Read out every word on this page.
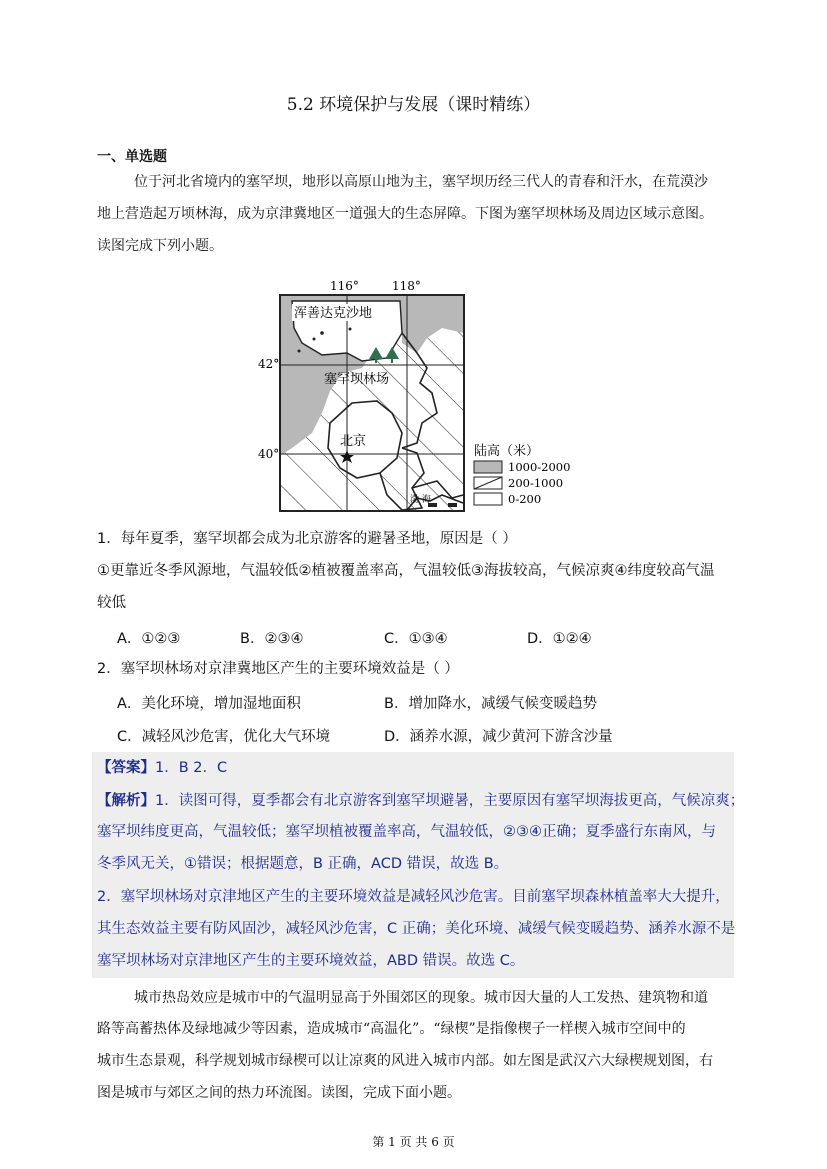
5.2 环境保护与发展（课时精练）
一、单选题
位于河北省境内的塞罕坝，地形以高原山地为主，塞罕坝历经三代人的青春和汗水，在荒漠沙
地上营造起万顷林海，成为京津冀地区一道强大的生态屏障。下图为塞罕坝林场及周边区域示意图。
读图完成下列小题。
116°	118°
42°
40°
浑善达克沙地
塞罕坝林场
北京
渤 海
陆高（米）
1000-2000
200-1000
0-200
1．每年夏季，塞罕坝都会成为北京游客的避暑圣地，原因是（ ）
①更靠近冬季风源地，气温较低②植被覆盖率高，气温较低③海拔较高，气候凉爽④纬度较高气温
较低
A．①②③	B．②③④	C．①③④	D．①②④
2．塞罕坝林场对京津冀地区产生的主要环境效益是（ ）
A．美化环境，增加湿地面积	B．增加降水，减缓气候变暖趋势
C．减轻风沙危害，优化大气环境	D．涵养水源，减少黄河下游含沙量
【答案】1．B 2．C
【解析】1．读图可得，夏季都会有北京游客到塞罕坝避暑，主要原因有塞罕坝海拔更高，气候凉爽；
塞罕坝纬度更高，气温较低；塞罕坝植被覆盖率高，气温较低，②③④正确；夏季盛行东南风，与
冬季风无关，①错误；根据题意，B 正确，ACD 错误，故选 B。
2．塞罕坝林场对京津地区产生的主要环境效益是减轻风沙危害。目前塞罕坝森林植盖率大大提升，
其生态效益主要有防风固沙，减轻风沙危害，C 正确；美化环境、减缓气候变暖趋势、涵养水源不是
塞罕坝林场对京津地区产生的主要环境效益，ABD 错误。故选 C。
城市热岛效应是城市中的气温明显高于外围郊区的现象。城市因大量的人工发热、建筑物和道
路等高蓄热体及绿地减少等因素，造成城市“高温化”。“绿楔”是指像楔子一样楔入城市空间中的
城市生态景观，科学规划城市绿楔可以让凉爽的风进入城市内部。如左图是武汉六大绿楔规划图，右
图是城市与郊区之间的热力环流图。读图，完成下面小题。
第 1 页 共 6 页
